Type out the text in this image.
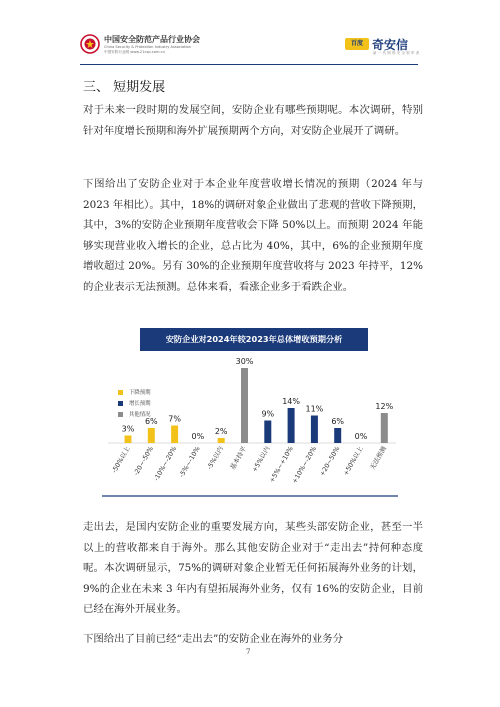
中国安全防范产品行业协会
China Security & Protection Industry Association
中国安防行业网 www.21csp.com.cn
百度 奇安信
新 一 代 网 络 安 全 领 军 者
三、 短期发展

对于未来一段时期的发展空间，安防企业有哪些预期呢。本次调研，特别针对年度增长预期和海外扩展预期两个方向，对安防企业展开了调研。

下图给出了安防企业对于本企业年度营收增长情况的预期（2024 年与 2023 年相比）。其中，18%的调研对象企业做出了悲观的营收下降预期，其中，3%的安防企业预期年度营收会下降 50%以上。而预期 2024 年能够实现营业收入增长的企业，总占比为 40%，其中，6%的企业预期年度增收超过 20%。另有 30%的企业预期年度营收将与 2023 年持平，12%的企业表示无法预测。总体来看，看涨企业多于看跌企业。

安防企业对2024年较2023年总体增收预期分析
下降预期
增长预期
其他情况
3%
-50%以上
6%
-20~-50%
7%
-10%~-20%
0%
-5%~-10%
2%
-5%以内
30%
基本持平
9%
+5%以内
14%
+5%~+10%
11%
+10%~-20%
6%
+20~50%
0%
+50%以上
12%
无法预测

走出去，是国内安防企业的重要发展方向，某些头部安防企业，甚至一半以上的营收都来自于海外。那么其他安防企业对于“走出去”持何种态度呢。本次调研显示，75%的调研对象企业暂无任何拓展海外业务的计划，9%的企业在未来 3 年内有望拓展海外业务，仅有 16%的安防企业，目前已经在海外开展业务。

下图给出了目前已经“走出去”的安防企业在海外的业务分

7
